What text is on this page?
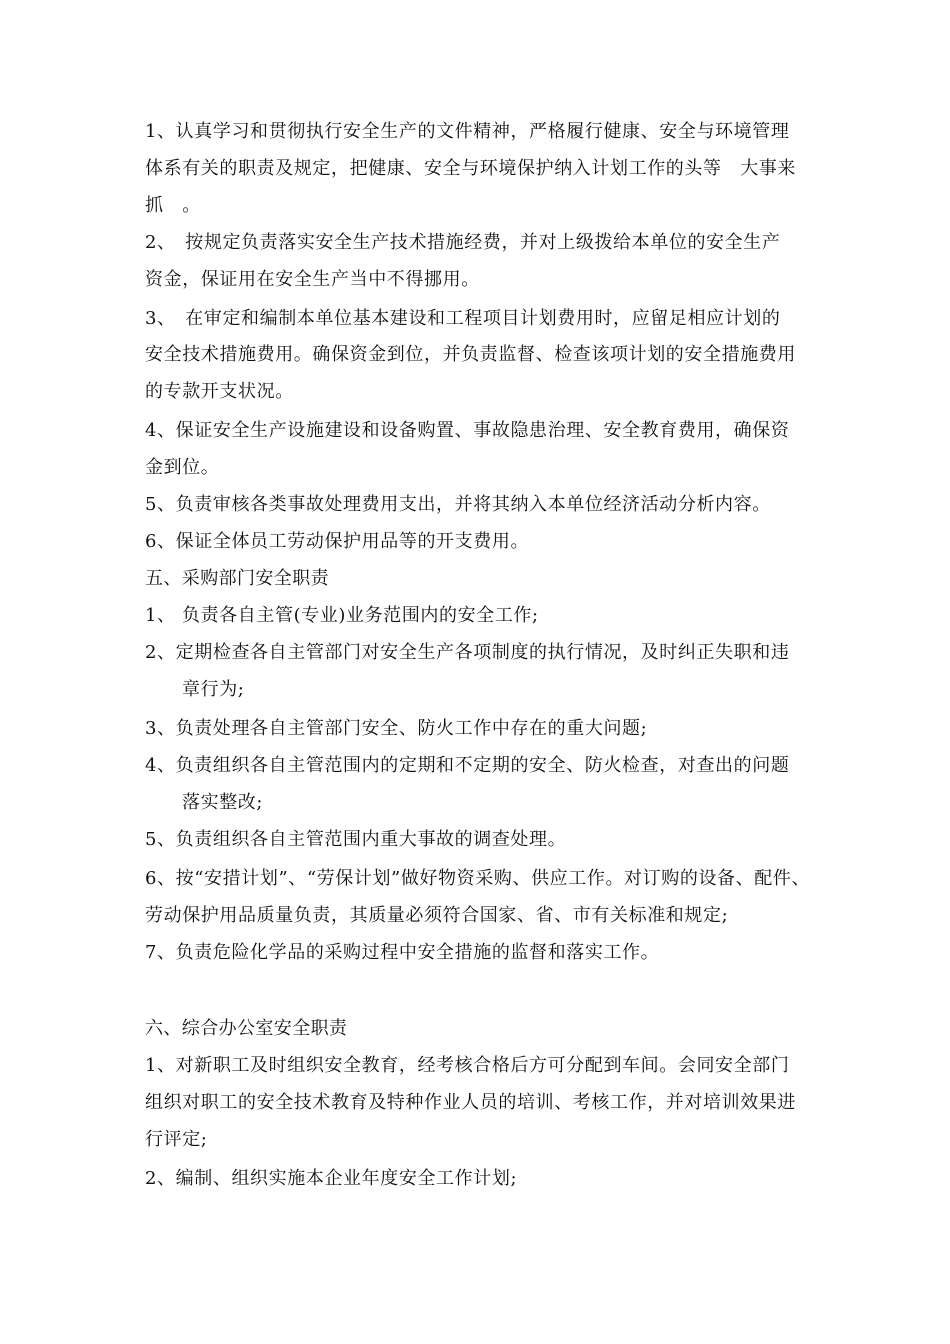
1、认真学习和贯彻执行安全生产的文件精神，严格履行健康、安全与环境管理
体系有关的职责及规定，把健康、安全与环境保护纳入计划工作的头等　大事来
抓　。
2、　按规定负责落实安全生产技术措施经费，并对上级拨给本单位的安全生产
资金，保证用在安全生产当中不得挪用。
3、　在审定和编制本单位基本建设和工程项目计划费用时，应留足相应计划的
安全技术措施费用。确保资金到位，并负责监督、检查该项计划的安全措施费用
的专款开支状况。
4、保证安全生产设施建设和设备购置、事故隐患治理、安全教育费用，确保资
金到位。
5、负责审核各类事故处理费用支出，并将其纳入本单位经济活动分析内容。
6、保证全体员工劳动保护用品等的开支费用。
五、采购部门安全职责
1、 负责各自主管(专业)业务范围内的安全工作;
2、定期检查各自主管部门对安全生产各项制度的执行情况，及时纠正失职和违
章行为;
3、负责处理各自主管部门安全、防火工作中存在的重大问题;
4、负责组织各自主管范围内的定期和不定期的安全、防火检查，对查出的问题
落实整改;
5、负责组织各自主管范围内重大事故的调查处理。
6、按“安措计划”、“劳保计划”做好物资采购、供应工作。对订购的设备、配件、
劳动保护用品质量负责，其质量必须符合国家、省、市有关标准和规定;
7、负责危险化学品的采购过程中安全措施的监督和落实工作。
六、综合办公室安全职责
1、对新职工及时组织安全教育，经考核合格后方可分配到车间。会同安全部门
组织对职工的安全技术教育及特种作业人员的培训、考核工作，并对培训效果进
行评定;
2、编制、组织实施本企业年度安全工作计划;
